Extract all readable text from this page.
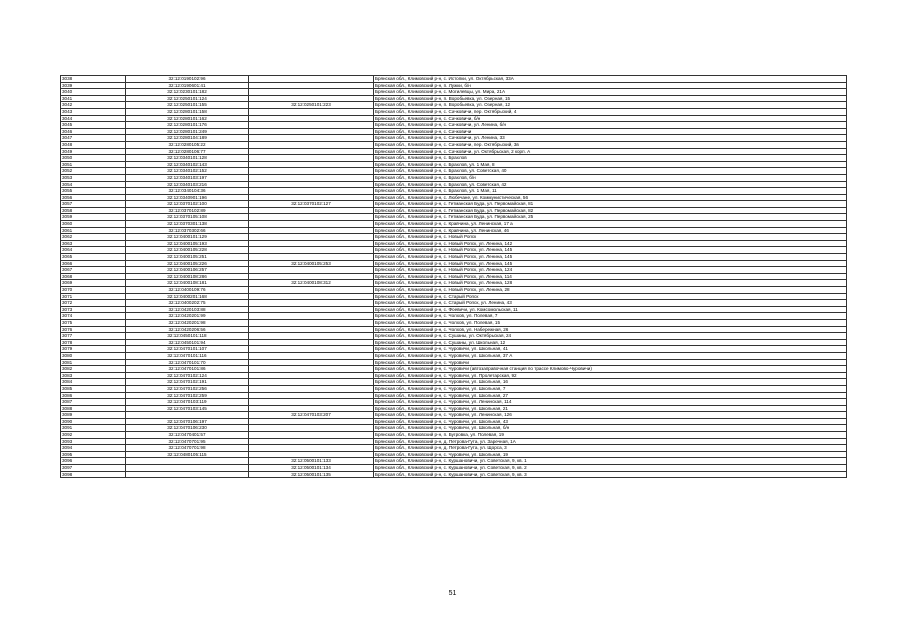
3038	32:12:0190102:96		Брянская обл., Климовский р-н, с. Истопки, ул. Октябрьская, 33А
3039	32:12:0190601:41		Брянская обл., Климовский р-н, п. Лужки, б/н
3040	32:12:0230101:182		Брянская обл., Климовский р-н, с. Могилевцы, ул. Мира, 21А
3041	32:12:0250101:124		Брянская обл., Климовский р-н, п. Воробьевка, ул. Озерная, 15
3042	32:12:0250101:155	32:12:0250101:223	Брянская обл., Климовский р-н, п. Воробьевка, ул. Озерная, 12
3043	32:12:0280101:158		Брянская обл., Климовский р-н, с. Сачковичи, пер. Октябрьский, 4
3044	32:12:0280101:162		Брянская обл., Климовский р-н, с. Сачковичи, б/н
3045	32:12:0280101:176		Брянская обл., Климовский р-н, с. Сачковичи, ул. Ленина, б/н
3046	32:12:0280101:249		Брянская обл., Климовский р-н, с. Сачковичи
3047	32:12:0280104:189		Брянская обл., Климовский р-н, с. Сачковичи, ул. Ленина, 33
3048	32:12:0280105:22		Брянская обл., Климовский р-н, с. Сачковичи, пер. Октябрьский, 3в
3049	32:12:0280106:77		Брянская обл., Климовский р-н, с. Сачковичи, ул. Октябрьская, 2 корп. А
3050	32:12:0340101:128		Брянская обл., Климовский р-н, с. Брахлов
3051	32:12:0340102:143		Брянская обл., Климовский р-н, с. Брахлов, ул. 1 Мая, 8
3052	32:12:0340102:152		Брянская обл., Климовский р-н, с. Брахлов, ул. Советская, 40
3053	32:12:0340103:197		Брянская обл., Климовский р-н, с. Брахлов, б/н
3054	32:12:0340103:216		Брянская обл., Климовский р-н, с. Брахлов, ул. Советская, 42
3055	32:12:0340104:36		Брянская обл., Климовский р-н, с. Брахлов, ул. 1 Мая, 11
3056	32:12:0340901:196		Брянская обл., Климовский р-н, с. Любечане, ул. Коммунистическая, 56
3057	32:12:0370102:100	32:12:0370102:127	Брянская обл., Климовский р-н, с. Гетманская Буда, ул. Первомайская, 81
3058	32:12:0370102:89		Брянская обл., Климовский р-н, с. Гетманская Буда, ул. Первомайская, 82
3059	32:12:0370105:108		Брянская обл., Климовский р-н, с. Гетманская Буда, ул. Первомайская, 25
3060	32:12:0370301:138		Брянская обл., Климовский р-н, с. Кравчина, ул. Ленинская, 17 а
3061	32:12:0370302:66		Брянская обл., Климовский р-н, с. Кравчина, ул. Ленинская, 46
3062	32:12:0400101:129		Брянская обл., Климовский р-н, с. Новый Ропск
3063	32:12:0400105:193		Брянская обл., Климовский р-н, с. Новый Ропск, ул. Ленина, 142
3064	32:12:0400105:228		Брянская обл., Климовский р-н, с. Новый Ропск, ул. Ленина, 145
3065	32:12:0400105:251		Брянская обл., Климовский р-н, с. Новый Ропск, ул. Ленина, 145
3066	32:12:0400105:226	32:12:0400105:253	Брянская обл., Климовский р-н, с. Новый Ропск, ул. Ленина, 145
3067	32:12:0400106:257		Брянская обл., Климовский р-н, с. Новый Ропск, ул. Ленина, 124
3068	32:12:0400108:286		Брянская обл., Климовский р-н, с. Новый Ропск, ул. Ленина, 114
3069	32:12:0400108:181	32:12:0400108:312	Брянская обл., Климовский р-н, с. Новый Ропск, ул. Ленина, 128
3070	32:12:0400109:76		Брянская обл., Климовский р-н, с. Новый Ропск, ул. Ленина, 28
3071	32:12:0400201:168		Брянская обл., Климовский р-н, с. Старый Ропск
3072	32:12:0400202:75		Брянская обл., Климовский р-н, с. Старый Ропск, ул. Ленина, 43
3073	32:12:0420103:88		Брянская обл., Климовский р-н, с. Фоевичи, ул. Комсомольская, 11
3074	32:12:0420201:99		Брянская обл., Климовский р-н, с. Чолхов, ул. Полевая, 7
3075	32:12:0420201:98		Брянская обл., Климовский р-н, с. Чолхов, ул. Полевая, 15
3076	32:12:0420206:56		Брянская обл., Климовский р-н, с. Чолхов, ул. Набережная, 26
3077	32:12:0450101:118		Брянская обл., Климовский р-н, с. Сушаны, ул. Октябрьская, 24
3078	32:12:0450101:94		Брянская обл., Климовский р-н, с. Сушаны, ул. Школьная, 12
3079	32:12:0470101:107		Брянская обл., Климовский р-н, с. Чуровичи, ул. Школьная, 41
3080	32:12:0470101:116		Брянская обл., Климовский р-н, с. Чуровичи, ул. Школьная, 37 А
3081	32:12:0470101:70		Брянская обл., Климовский р-н, с. Чуровичи
3082	32:12:0470101:86		Брянская обл., Климовский р-н, с. Чуровичи (автозаправочная станция по трассе Климово-Чуровичи)
3083	32:12:0470102:124		Брянская обл., Климовский р-н, с. Чуровичи, ул. Пролетарская, 92
3084	32:12:0470102:191		Брянская обл., Климовский р-н, с. Чуровичи, ул. Школьная, 16
3085	32:12:0470102:256		Брянская обл., Климовский р-н, с. Чуровичи, ул. Школьная, 7
3086	32:12:0470102:259		Брянская обл., Климовский р-н, с. Чуровичи, ул. Школьная, 27
3087	32:12:0470103:119		Брянская обл., Климовский р-н, с. Чуровичи, ул. Ленинская, 114
3088	32:12:0470103:145		Брянская обл., Климовский р-н, с. Чуровичи, ул. Школьная, 21
3089		32:12:0470103:207	Брянская обл., Климовский р-н, с. Чуровичи, ул. Ленинская, 126
3090	32:12:0470106:197		Брянская обл., Климовский р-н, с. Чуровичи, ул. Школьная, 43
3091	32:12:0470106:230		Брянская обл., Климовский р-н, с. Чуровичи, ул. Школьная, б/н
3092	32:12:0470401:57		Брянская обл., Климовский р-н, п. Бугровка, ул. Полевая, 19
3093	32:12:0470701:95		Брянская обл., Климовский р-н, д. Петрова-Гута, ул. Заречная, 1А
3094	32:12:0470701:98		Брянская обл., Климовский р-н, д. Петрова-Гута, ул. Щорса, 3
3095	32:12:0480105:115		Брянская обл., Климовский р-н, с. Чуровичи, ул. Школьная, 19
3096		32:12:0500101:133	Брянская обл., Климовский р-н, с. Куршановичи, ул. Советская, 9, кв. 1
3097		32:12:0500101:134	Брянская обл., Климовский р-н, с. Куршановичи, ул. Советская, 9, кв. 2
3098		32:12:0500101:135	Брянская обл., Климовский р-н, с. Куршановичи, ул. Советская, 9, кв. 3
51
